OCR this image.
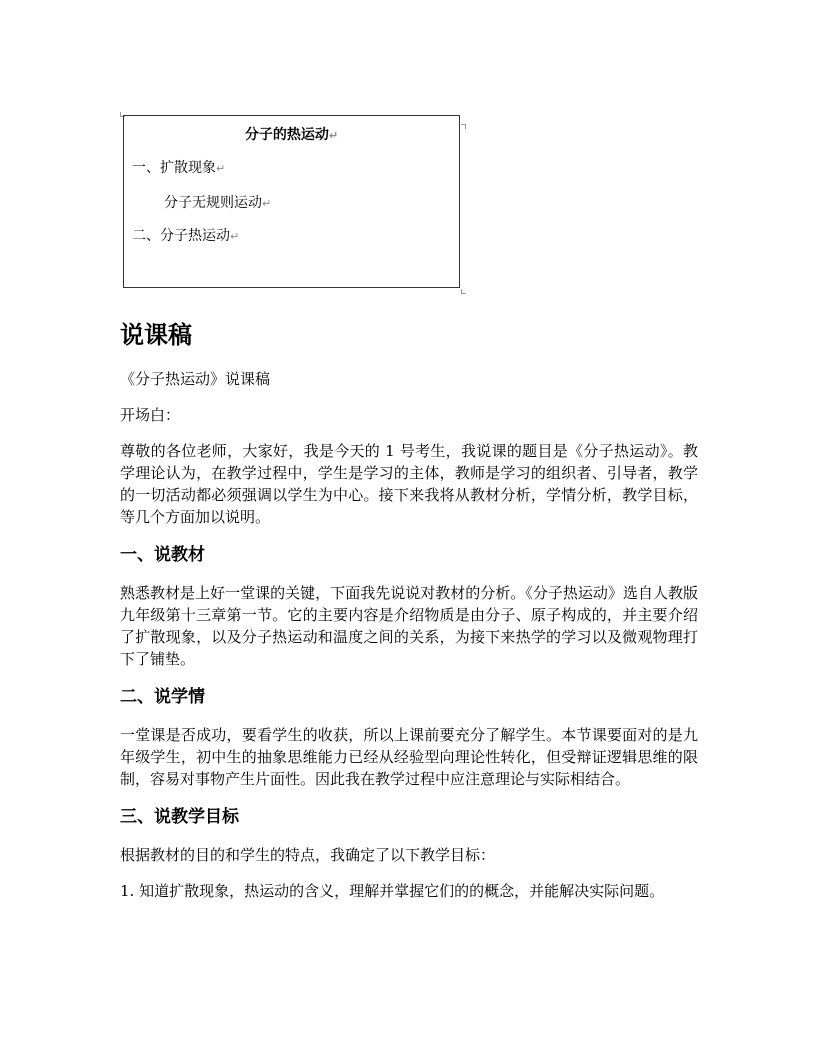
分子的热运动↵
一、扩散现象↵
分子无规则运动↵
二、分子热运动↵
说课稿

《分子热运动》说课稿

开场白：

尊敬的各位老师，大家好，我是今天的 1 号考生，我说课的题目是《分子热运动》。教学理论认为，在教学过程中，学生是学习的主体，教师是学习的组织者、引导者，教学的一切活动都必须强调以学生为中心。接下来我将从教材分析，学情分析，教学目标，等几个方面加以说明。

一、说教材

熟悉教材是上好一堂课的关键，下面我先说说对教材的分析。《分子热运动》选自人教版九年级第十三章第一节。它的主要内容是介绍物质是由分子、原子构成的，并主要介绍了扩散现象，以及分子热运动和温度之间的关系，为接下来热学的学习以及微观物理打下了铺垫。

二、说学情

一堂课是否成功，要看学生的收获，所以上课前要充分了解学生。本节课要面对的是九年级学生，初中生的抽象思维能力已经从经验型向理论性转化，但受辩证逻辑思维的限制，容易对事物产生片面性。因此我在教学过程中应注意理论与实际相结合。

三、说教学目标

根据教材的目的和学生的特点，我确定了以下教学目标：

1. 知道扩散现象，热运动的含义，理解并掌握它们的的概念，并能解决实际问题。
